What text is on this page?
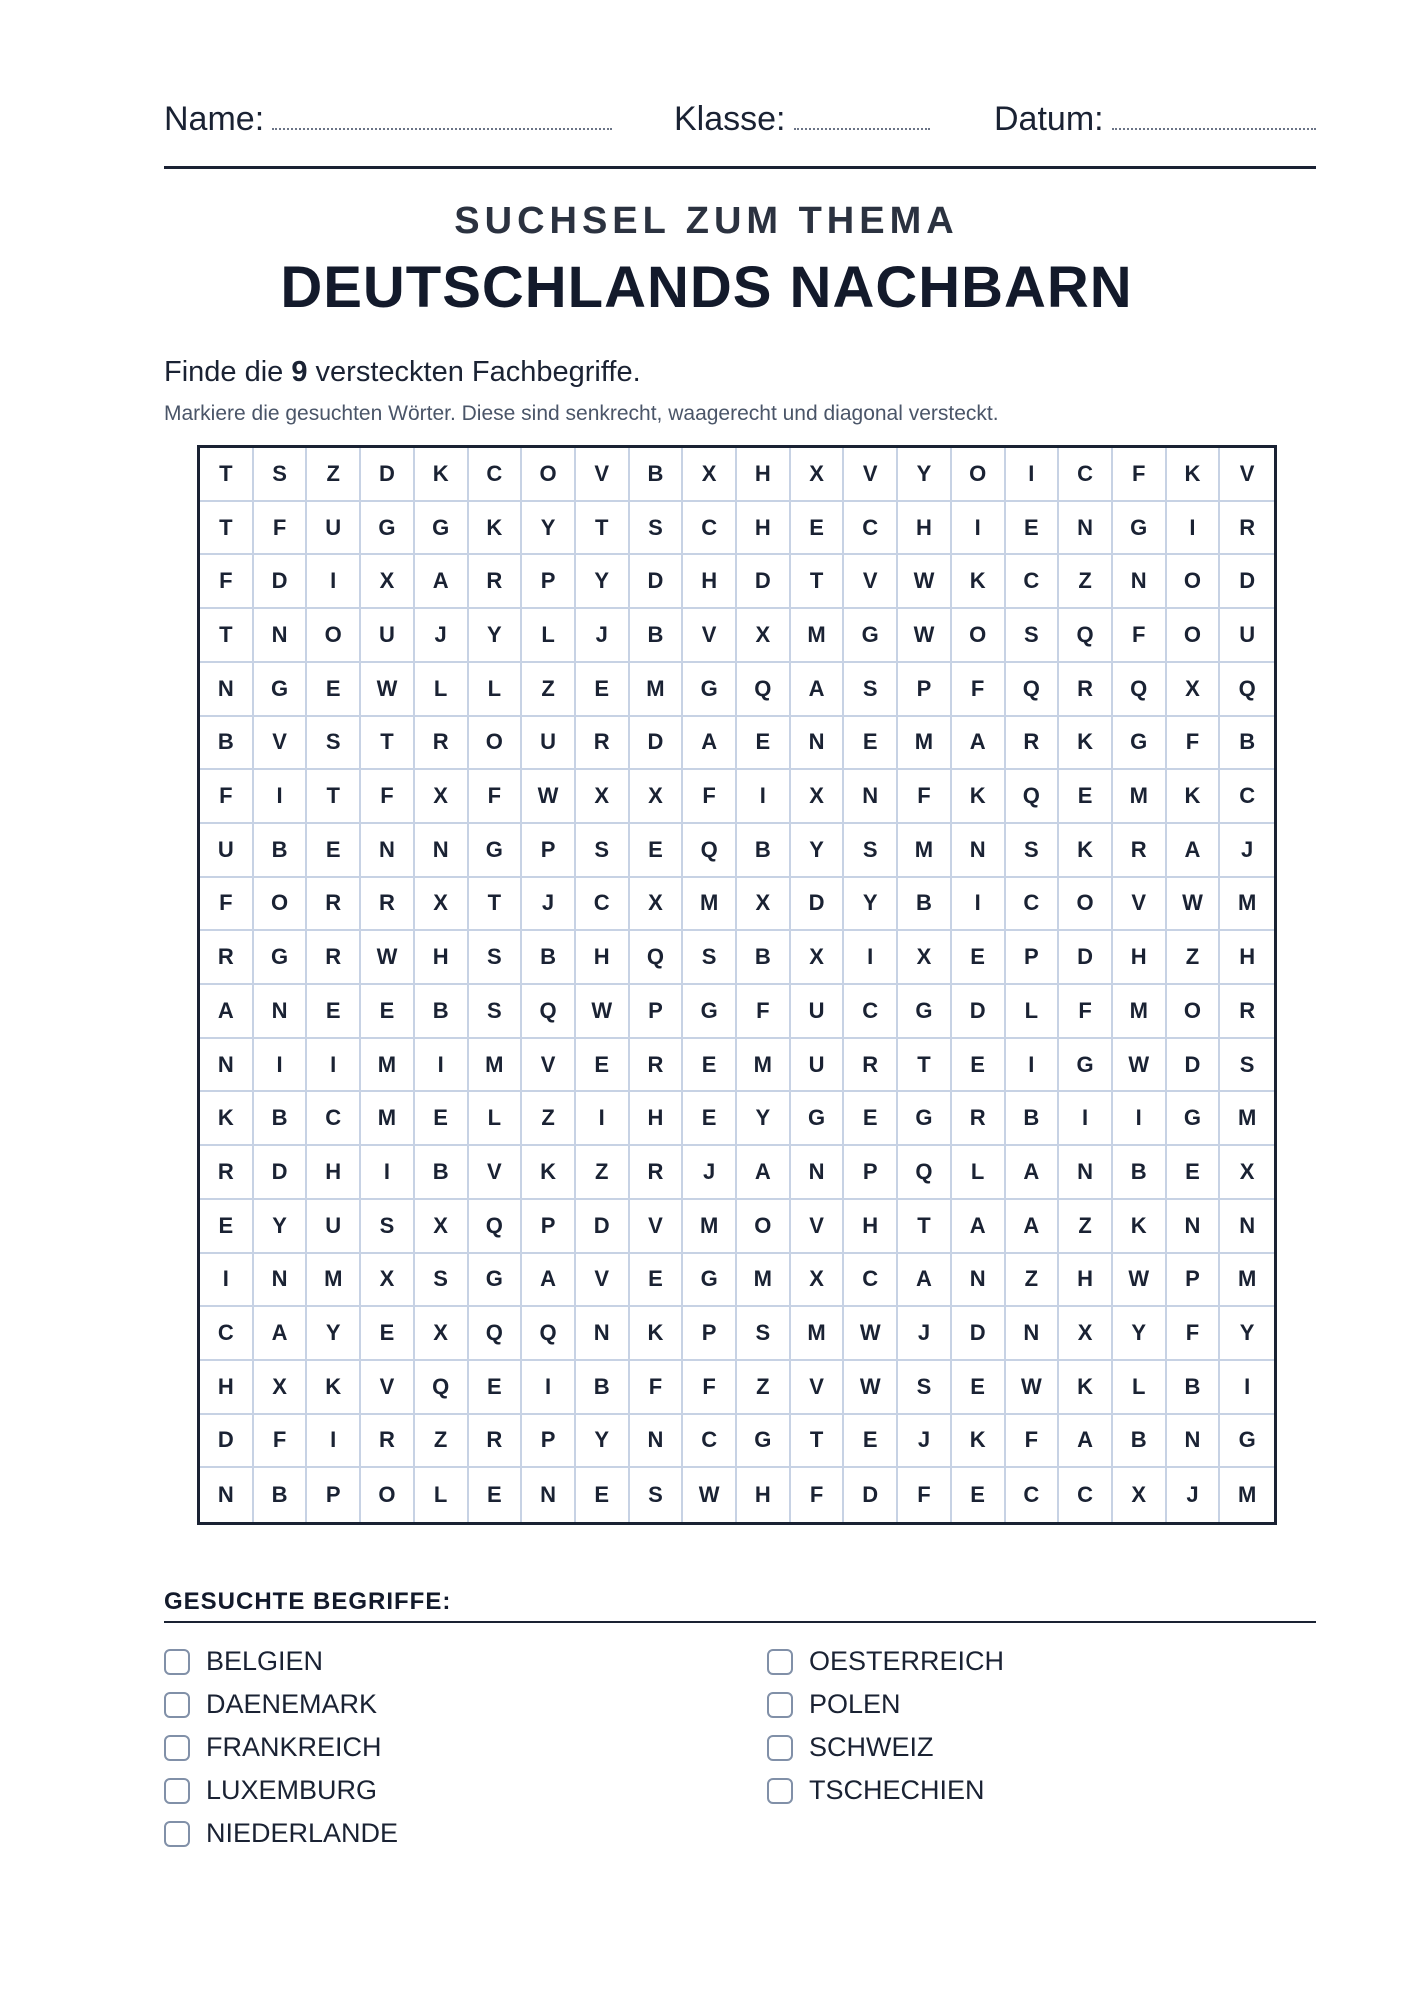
Name:	Klasse:	Datum:
SUCHSEL ZUM THEMA
DEUTSCHLANDS NACHBARN
Finde die 9 versteckten Fachbegriffe.
Markiere die gesuchten Wörter. Diese sind senkrecht, waagerecht und diagonal versteckt.
T	S	Z	D	K	C	O	V	B	X	H	X	V	Y	O	I	C	F	K	V
T	F	U	G	G	K	Y	T	S	C	H	E	C	H	I	E	N	G	I	R
F	D	I	X	A	R	P	Y	D	H	D	T	V	W	K	C	Z	N	O	D
T	N	O	U	J	Y	L	J	B	V	X	M	G	W	O	S	Q	F	O	U
N	G	E	W	L	L	Z	E	M	G	Q	A	S	P	F	Q	R	Q	X	Q
B	V	S	T	R	O	U	R	D	A	E	N	E	M	A	R	K	G	F	B
F	I	T	F	X	F	W	X	X	F	I	X	N	F	K	Q	E	M	K	C
U	B	E	N	N	G	P	S	E	Q	B	Y	S	M	N	S	K	R	A	J
F	O	R	R	X	T	J	C	X	M	X	D	Y	B	I	C	O	V	W	M
R	G	R	W	H	S	B	H	Q	S	B	X	I	X	E	P	D	H	Z	H
A	N	E	E	B	S	Q	W	P	G	F	U	C	G	D	L	F	M	O	R
N	I	I	M	I	M	V	E	R	E	M	U	R	T	E	I	G	W	D	S
K	B	C	M	E	L	Z	I	H	E	Y	G	E	G	R	B	I	I	G	M
R	D	H	I	B	V	K	Z	R	J	A	N	P	Q	L	A	N	B	E	X
E	Y	U	S	X	Q	P	D	V	M	O	V	H	T	A	A	Z	K	N	N
I	N	M	X	S	G	A	V	E	G	M	X	C	A	N	Z	H	W	P	M
C	A	Y	E	X	Q	Q	N	K	P	S	M	W	J	D	N	X	Y	F	Y
H	X	K	V	Q	E	I	B	F	F	Z	V	W	S	E	W	K	L	B	I
D	F	I	R	Z	R	P	Y	N	C	G	T	E	J	K	F	A	B	N	G
N	B	P	O	L	E	N	E	S	W	H	F	D	F	E	C	C	X	J	M
GESUCHTE BEGRIFFE:
BELGIEN
DAENEMARK
FRANKREICH
LUXEMBURG
NIEDERLANDE
OESTERREICH
POLEN
SCHWEIZ
TSCHECHIEN
